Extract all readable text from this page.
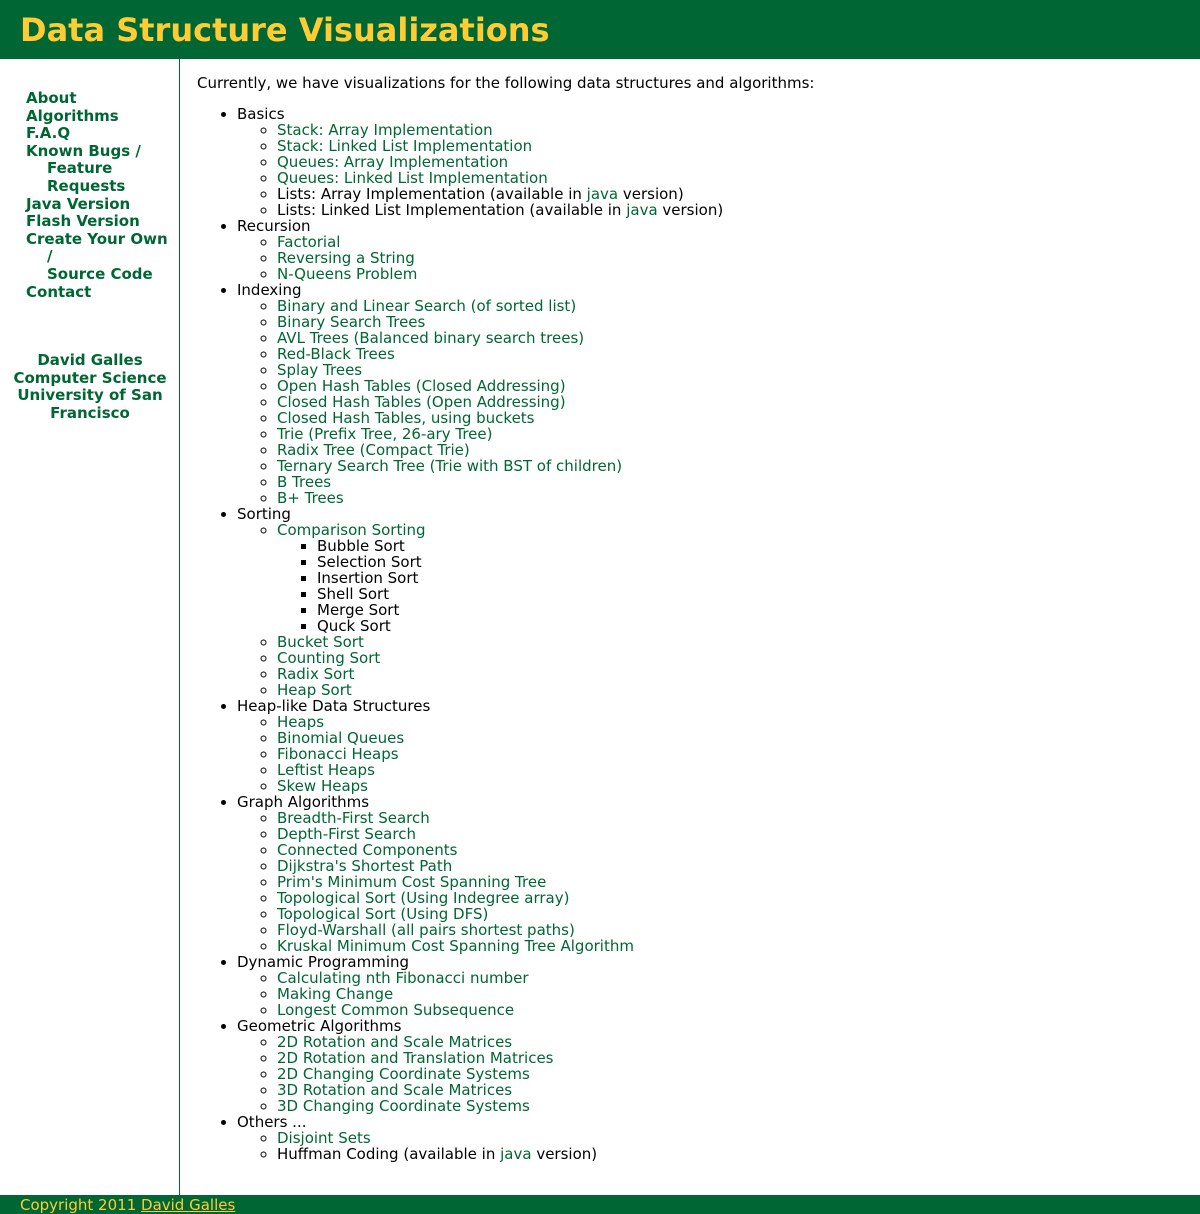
Data Structure Visualizations
About
Algorithms
F.A.Q
Known Bugs /
Feature
Requests
Java Version
Flash Version
Create Your Own
/
Source Code
Contact
David Galles
Computer Science
University of San
Francisco

Currently, we have visualizations for the following data structures and algorithms:

• Basics
◦ Stack: Array Implementation
◦ Stack: Linked List Implementation
◦ Queues: Array Implementation
◦ Queues: Linked List Implementation
◦ Lists: Array Implementation (available in java version)
◦ Lists: Linked List Implementation (available in java version)
• Recursion
◦ Factorial
◦ Reversing a String
◦ N-Queens Problem
• Indexing
◦ Binary and Linear Search (of sorted list)
◦ Binary Search Trees
◦ AVL Trees (Balanced binary search trees)
◦ Red-Black Trees
◦ Splay Trees
◦ Open Hash Tables (Closed Addressing)
◦ Closed Hash Tables (Open Addressing)
◦ Closed Hash Tables, using buckets
◦ Trie (Prefix Tree, 26-ary Tree)
◦ Radix Tree (Compact Trie)
◦ Ternary Search Tree (Trie with BST of children)
◦ B Trees
◦ B+ Trees
• Sorting
◦ Comparison Sorting
▪ Bubble Sort
▪ Selection Sort
▪ Insertion Sort
▪ Shell Sort
▪ Merge Sort
▪ Quck Sort
◦ Bucket Sort
◦ Counting Sort
◦ Radix Sort
◦ Heap Sort
• Heap-like Data Structures
◦ Heaps
◦ Binomial Queues
◦ Fibonacci Heaps
◦ Leftist Heaps
◦ Skew Heaps
• Graph Algorithms
◦ Breadth-First Search
◦ Depth-First Search
◦ Connected Components
◦ Dijkstra's Shortest Path
◦ Prim's Minimum Cost Spanning Tree
◦ Topological Sort (Using Indegree array)
◦ Topological Sort (Using DFS)
◦ Floyd-Warshall (all pairs shortest paths)
◦ Kruskal Minimum Cost Spanning Tree Algorithm
• Dynamic Programming
◦ Calculating nth Fibonacci number
◦ Making Change
◦ Longest Common Subsequence
• Geometric Algorithms
◦ 2D Rotation and Scale Matrices
◦ 2D Rotation and Translation Matrices
◦ 2D Changing Coordinate Systems
◦ 3D Rotation and Scale Matrices
◦ 3D Changing Coordinate Systems
• Others ...
◦ Disjoint Sets
◦ Huffman Coding (available in java version)
Copyright 2011 David Galles
